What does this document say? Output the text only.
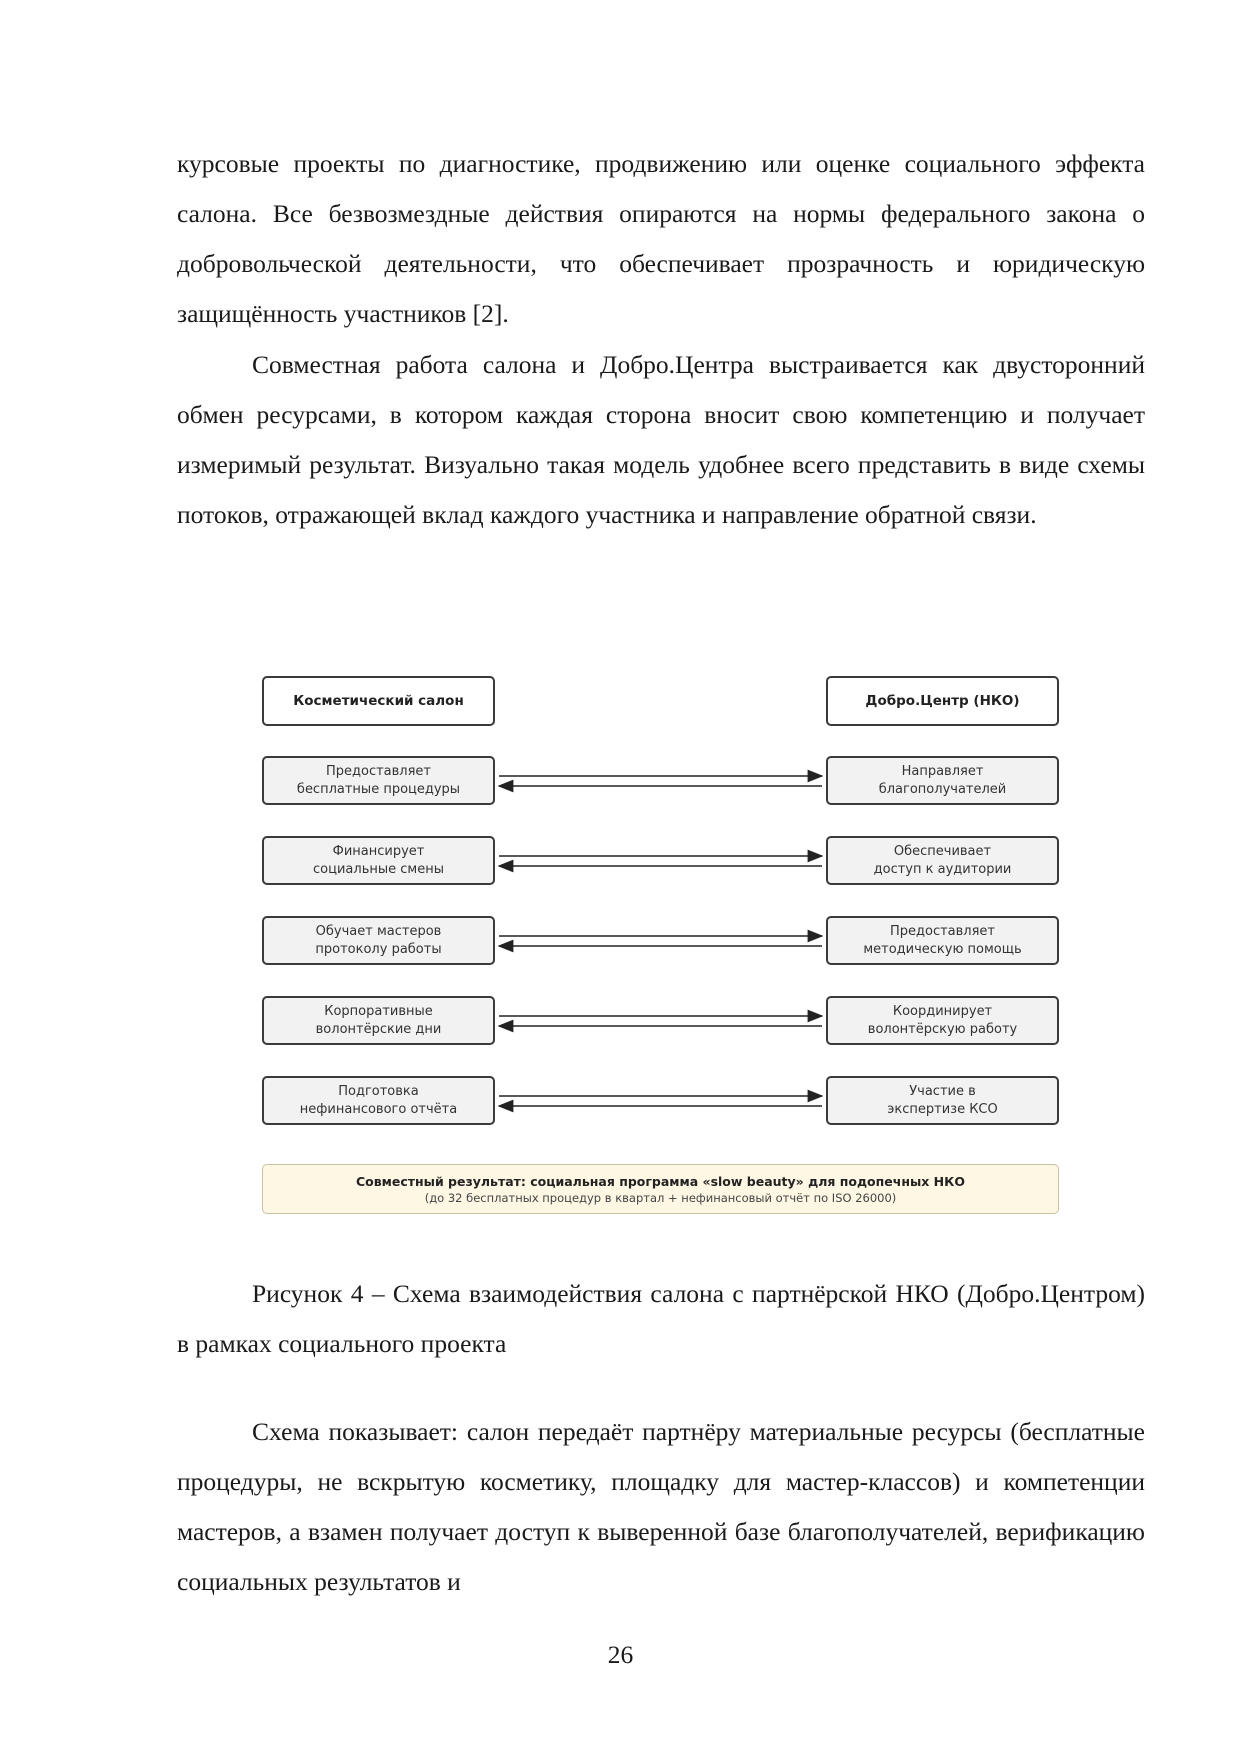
курсовые проекты по диагностике, продвижению или оценке социального эффекта салона. Все безвозмездные действия опираются на нормы федерального закона о добровольческой деятельности, что обеспечивает прозрачность и юридическую защищённость участников [2].

Совместная работа салона и Добро.Центра выстраивается как двусторонний обмен ресурсами, в котором каждая сторона вносит свою компетенцию и получает измеримый результат. Визуально такая модель удобнее всего представить в виде схемы потоков, отражающей вклад каждого участника и направление обратной связи.

Косметический салон	Добро.Центр (НКО)
Предоставляет
бесплатные процедуры
Направляет
благополучателей
Финансирует
социальные смены
Обеспечивает
доступ к аудитории
Обучает мастеров
протоколу работы
Предоставляет
методическую помощь
Корпоративные
волонтёрские дни
Координирует
волонтёрскую работу
Подготовка
нефинансового отчёта
Участие в
экспертизе КСО
Совместный результат: социальная программа «slow beauty» для подопечных НКО
(до 32 бесплатных процедур в квартал + нефинансовый отчёт по ISO 26000)

Рисунок 4 – Схема взаимодействия салона с партнёрской НКО (Добро.Центром) в рамках социального проекта

Схема показывает: салон передаёт партнёру материальные ресурсы (бесплатные процедуры, не вскрытую косметику, площадку для мастер-классов) и компетенции мастеров, а взамен получает доступ к выверенной базе благополучателей, верификацию социальных результатов и

26
